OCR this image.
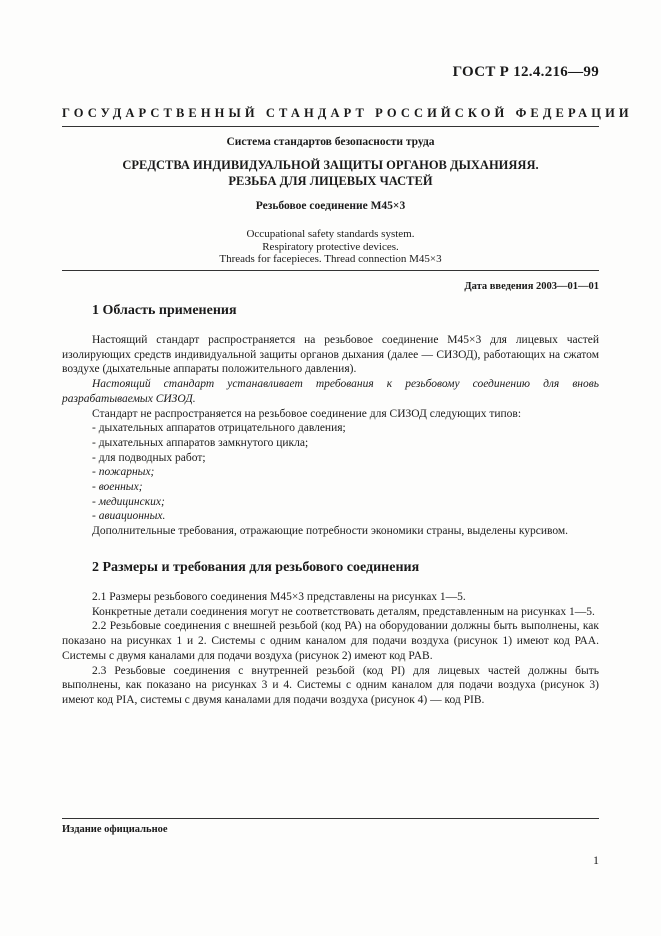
ГОСТ Р 12.4.216—99
ГОСУДАРСТВЕННЫЙ СТАНДАРТ РОССИЙСКОЙ ФЕДЕРАЦИИ
Система стандартов безопасности труда
СРЕДСТВА ИНДИВИДУАЛЬНОЙ ЗАЩИТЫ ОРГАНОВ ДЫХАНИЯЯЯ.
РЕЗЬБА ДЛЯ ЛИЦЕВЫХ ЧАСТЕЙ
Резьбовое соединение М45×3
Occupational safety standards system.
Respiratory protective devices.
Threads for facepieces. Thread connection M45×3
Дата введения 2003—01—01
1 Область применения

Настоящий стандарт распространяется на резьбовое соединение М45×3 для лицевых частей изолирующих средств индивидуальной защиты органов дыхания (далее — СИЗОД), работающих на сжатом воздухе (дыхательные аппараты положительного давления).

Настоящий стандарт устанавливает требования к резьбовому соединению для вновь разрабатываемых СИЗОД.

Стандарт не распространяется на резьбовое соединение для СИЗОД следующих типов:

- дыхательных аппаратов отрицательного давления;
- дыхательных аппаратов замкнутого цикла;
- для подводных работ;
- пожарных;
- военных;
- медицинских;
- авиационных.

Дополнительные требования, отражающие потребности экономики страны, выделены курсивом.

2 Размеры и требования для резьбового соединения

2.1 Размеры резьбового соединения М45×3 представлены на рисунках 1—5.

Конкретные детали соединения могут не соответствовать деталям, представленным на рисунках 1—5.

2.2 Резьбовые соединения с внешней резьбой (код РА) на оборудовании должны быть выполнены, как показано на рисунках 1 и 2. Системы с одним каналом для подачи воздуха (рисунок 1) имеют код РАА. Системы с двумя каналами для подачи воздуха (рисунок 2) имеют код PAB.

2.3 Резьбовые соединения с внутренней резьбой (код PI) для лицевых частей должны быть выполнены, как показано на рисунках 3 и 4. Системы с одним каналом для подачи воздуха (рисунок 3) имеют код PIA, системы с двумя каналами для подачи воздуха (рисунок 4) — код PIB.

Издание официальное
1
